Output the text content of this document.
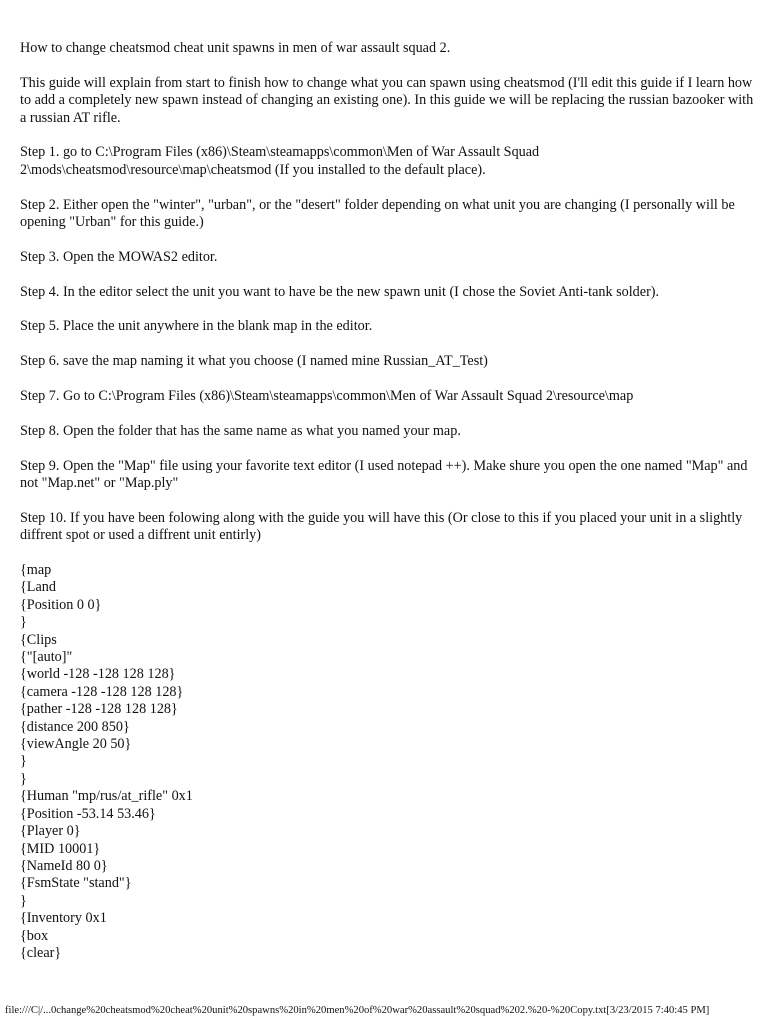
How to change cheatsmod cheat unit spawns in men of war assault squad 2.

This guide will explain from start to finish how to change what you can spawn using cheatsmod (I'll edit this guide if I learn how to add a completely new spawn instead of changing an existing one). In this guide we will be replacing the russian bazooker with a russian AT rifle.

Step 1. go to C:\Program Files (x86)\Steam\steamapps\common\Men of War Assault Squad 2\mods\cheatsmod\resource\map\cheatsmod (If you installed to the default place).

Step 2. Either open the "winter", "urban", or the "desert" folder depending on what unit you are changing (I personally will be opening "Urban" for this guide.)

Step 3. Open the MOWAS2 editor.

Step 4. In the editor select the unit you want to have be the new spawn unit (I chose the Soviet Anti-tank solder).

Step 5. Place the unit anywhere in the blank map in the editor.

Step 6. save the map naming it what you choose (I named mine Russian_AT_Test)

Step 7. Go to C:\Program Files (x86)\Steam\steamapps\common\Men of War Assault Squad 2\resource\map

Step 8. Open the folder that has the same name as what you named your map.

Step 9. Open the "Map" file using your favorite text editor (I used notepad ++). Make shure you open the one named "Map" and not "Map.net" or "Map.ply"

Step 10. If you have been folowing along with the guide you will have this (Or close to this if you placed your unit in a slightly diffrent spot or used a diffrent unit entirly)

{map
{Land
{Position 0 0}
}
{Clips
{"[auto]"
{world -128 -128 128 128}
{camera -128 -128 128 128}
{pather -128 -128 128 128}
{distance 200 850}
{viewAngle 20 50}
}
}
{Human "mp/rus/at_rifle" 0x1
{Position -53.14 53.46}
{Player 0}
{MID 10001}
{NameId 80 0}
{FsmState "stand"}
}
{Inventory 0x1
{box
{clear}
file:///C|/...0change%20cheatsmod%20cheat%20unit%20spawns%20in%20men%20of%20war%20assault%20squad%202.%20-%20Copy.txt[3/23/2015 7:40:45 PM]
